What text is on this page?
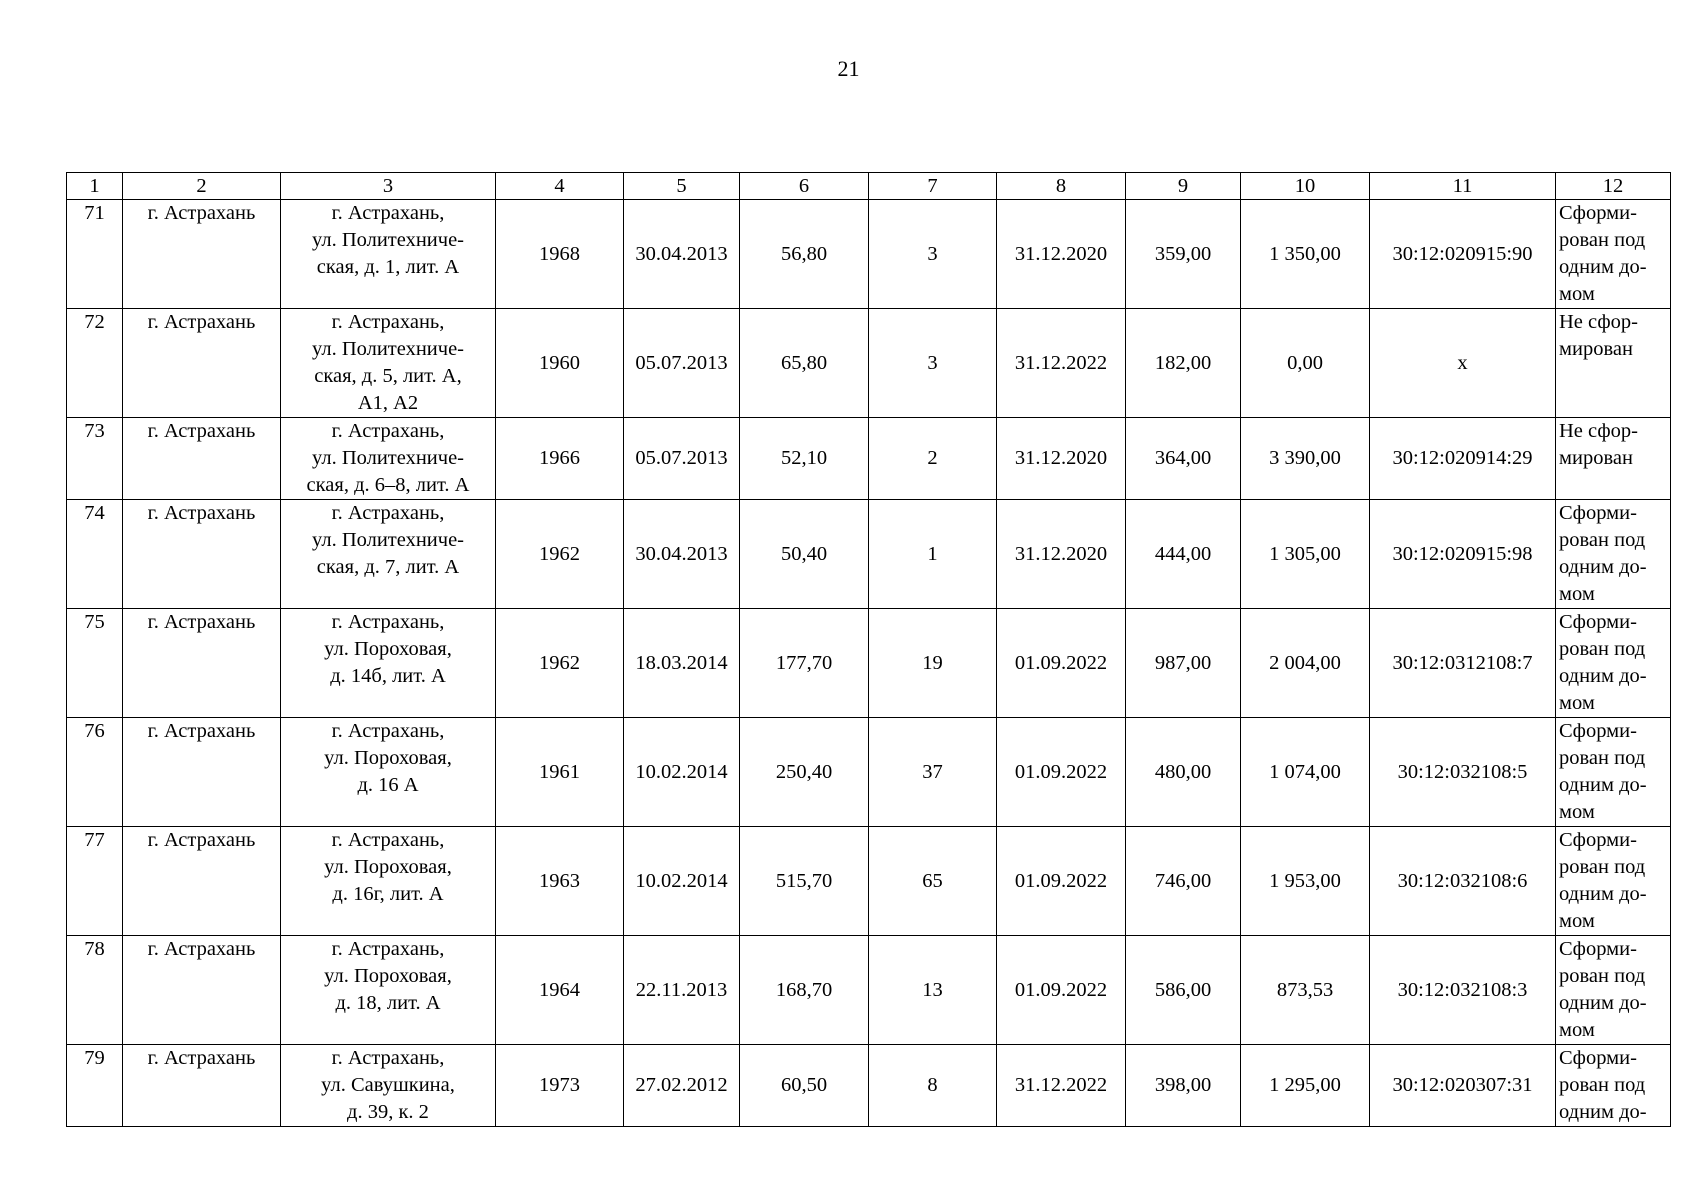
21
1	2	3	4	5	6	7	8	9	10	11	12
71	г. Астрахань	г. Астрахань,
ул. Политехниче-
ская, д. 1, лит. А	1968	30.04.2013	56,80	3	31.12.2020	359,00	1 350,00	30:12:020915:90	Сформи-
рован под
одним до-
мом

72	г. Астрахань	г. Астрахань,
ул. Политехниче-
ская, д. 5, лит. А,
А1, А2	1960	05.07.2013	65,80	3	31.12.2022	182,00	0,00	x	Не сфор-
мирован

73	г. Астрахань	г. Астрахань,
ул. Политехниче-
ская, д. 6–8, лит. А	1966	05.07.2013	52,10	2	31.12.2020	364,00	3 390,00	30:12:020914:29	Не сфор-
мирован

74	г. Астрахань	г. Астрахань,
ул. Политехниче-
ская, д. 7, лит. А	1962	30.04.2013	50,40	1	31.12.2020	444,00	1 305,00	30:12:020915:98	Сформи-
рован под
одним до-
мом

75	г. Астрахань	г. Астрахань,
ул. Пороховая,
д. 14б, лит. А	1962	18.03.2014	177,70	19	01.09.2022	987,00	2 004,00	30:12:0312108:7	Сформи-
рован под
одним до-
мом

76	г. Астрахань	г. Астрахань,
ул. Пороховая,
д. 16 А	1961	10.02.2014	250,40	37	01.09.2022	480,00	1 074,00	30:12:032108:5	Сформи-
рован под
одним до-
мом

77	г. Астрахань	г. Астрахань,
ул. Пороховая,
д. 16г, лит. А	1963	10.02.2014	515,70	65	01.09.2022	746,00	1 953,00	30:12:032108:6	Сформи-
рован под
одним до-
мом

78	г. Астрахань	г. Астрахань,
ул. Пороховая,
д. 18, лит. А	1964	22.11.2013	168,70	13	01.09.2022	586,00	873,53	30:12:032108:3	Сформи-
рован под
одним до-
мом

79	г. Астрахань	г. Астрахань,
ул. Савушкина,
д. 39, к. 2	1973	27.02.2012	60,50	8	31.12.2022	398,00	1 295,00	30:12:020307:31	Сформи-
рован под
одним до-
